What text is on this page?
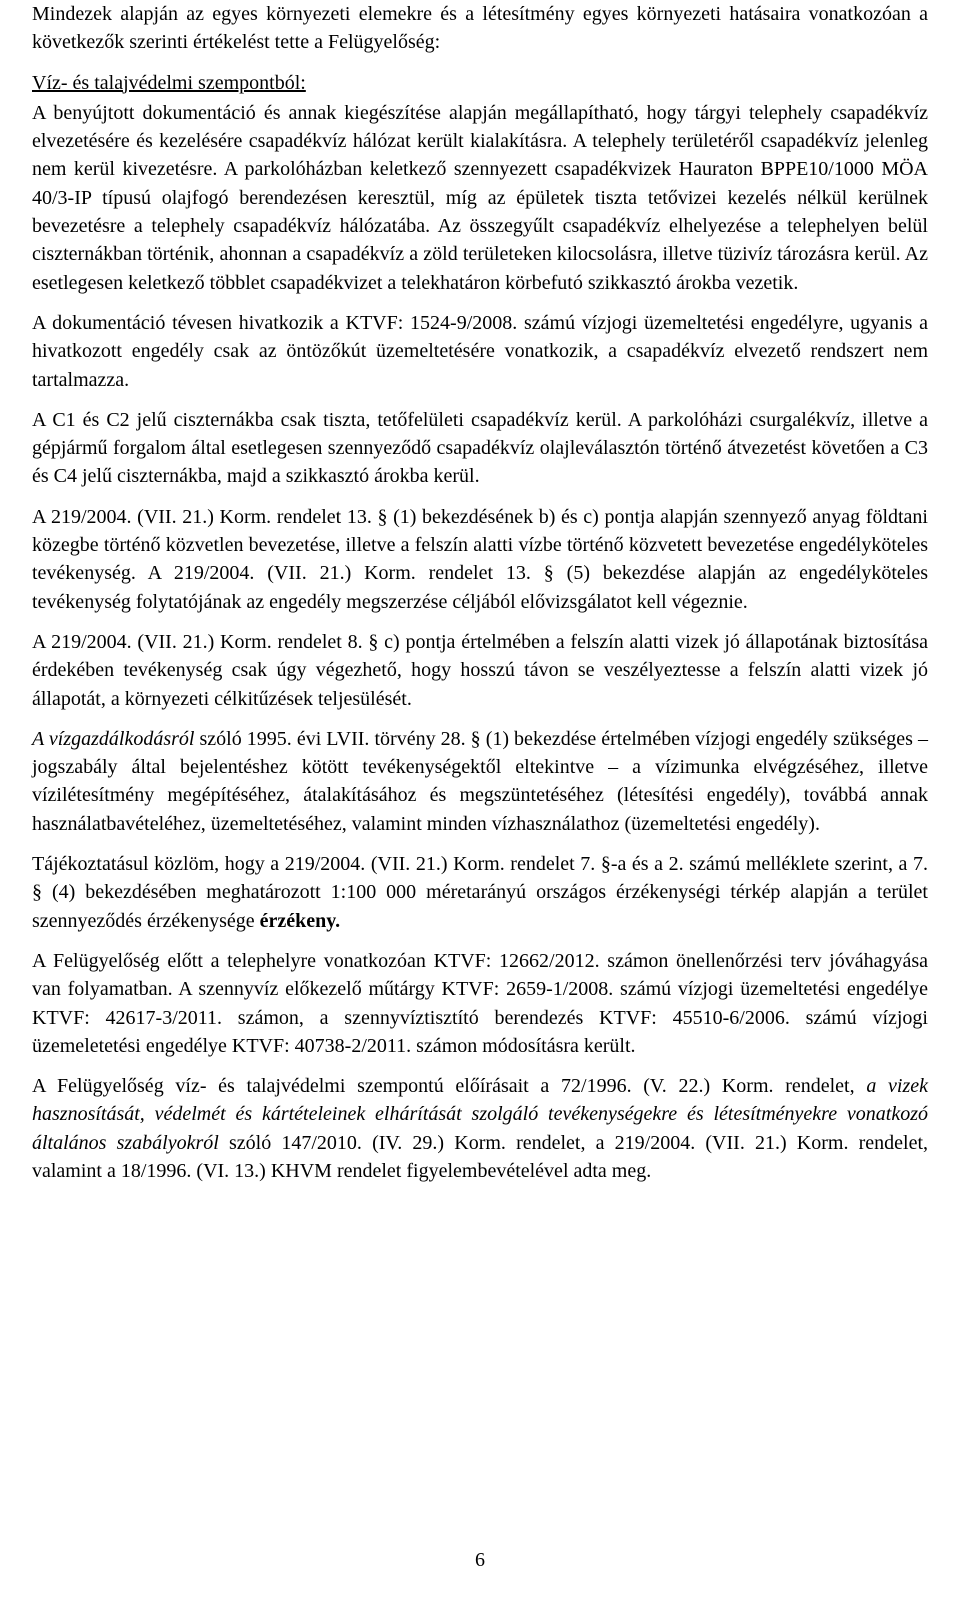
Mindezek alapján az egyes környezeti elemekre és a létesítmény egyes környezeti hatásaira vonatkozóan a következők szerinti értékelést tette a Felügyelőség:
Víz- és talajvédelmi szempontból:
A benyújtott dokumentáció és annak kiegészítése alapján megállapítható, hogy tárgyi telephely csapadékvíz elvezetésére és kezelésére csapadékvíz hálózat került kialakításra. A telephely területéről csapadékvíz jelenleg nem kerül kivezetésre. A parkolóházban keletkező szennyezett csapadékvizek Hauraton BPPE10/1000 MÖA 40/3-IP típusú olajfogó berendezésen keresztül, míg az épületek tiszta tetővizei kezelés nélkül kerülnek bevezetésre a telephely csapadékvíz hálózatába. Az összegyűlt csapadékvíz elhelyezése a telephelyen belül ciszternákban történik, ahonnan a csapadékvíz a zöld területeken kilocsolásra, illetve tüzivíz tározásra kerül. Az esetlegesen keletkező többlet csapadékvizet a telekhatáron körbefutó szikkasztó árokba vezetik.
A dokumentáció tévesen hivatkozik a KTVF: 1524-9/2008. számú vízjogi üzemeltetési engedélyre, ugyanis a hivatkozott engedély csak az öntözőkút üzemeltetésére vonatkozik, a csapadékvíz elvezető rendszert nem tartalmazza.
A C1 és C2 jelű ciszternákba csak tiszta, tetőfelületi csapadékvíz kerül. A parkolóházi csurgalékvíz, illetve a gépjármű forgalom által esetlegesen szennyeződő csapadékvíz olajleválasztón történő átvezetést követően a C3 és C4 jelű ciszternákba, majd a szikkasztó árokba kerül.
A 219/2004. (VII. 21.) Korm. rendelet 13. § (1) bekezdésének b) és c) pontja alapján szennyező anyag földtani közegbe történő közvetlen bevezetése, illetve a felszín alatti vízbe történő közvetett bevezetése engedélyköteles tevékenység. A 219/2004. (VII. 21.) Korm. rendelet 13. § (5) bekezdése alapján az engedélyköteles tevékenység folytatójának az engedély megszerzése céljából elővizsgálatot kell végeznie.
A 219/2004. (VII. 21.) Korm. rendelet 8. § c) pontja értelmében a felszín alatti vizek jó állapotának biztosítása érdekében tevékenység csak úgy végezhető, hogy hosszú távon se veszélyeztesse a felszín alatti vizek jó állapotát, a környezeti célkitűzések teljesülését.
A vízgazdálkodásról szóló 1995. évi LVII. törvény 28. § (1) bekezdése értelmében vízjogi engedély szükséges – jogszabály által bejelentéshez kötött tevékenységektől eltekintve – a vízimunka elvégzéséhez, illetve vízilétesítmény megépítéséhez, átalakításához és megszüntetéséhez (létesítési engedély), továbbá annak használatbavételéhez, üzemeltetéséhez, valamint minden vízhasználathoz (üzemeltetési engedély).
Tájékoztatásul közlöm, hogy a 219/2004. (VII. 21.) Korm. rendelet 7. §-a és a 2. számú melléklete szerint, a 7. § (4) bekezdésében meghatározott 1:100 000 méretarányú országos érzékenységi térkép alapján a terület szennyeződés érzékenysége érzékeny.
A Felügyelőség előtt a telephelyre vonatkozóan KTVF: 12662/2012. számon önellenőrzési terv jóváhagyása van folyamatban. A szennyvíz előkezelő műtárgy KTVF: 2659-1/2008. számú vízjogi üzemeltetési engedélye KTVF: 42617-3/2011. számon, a szennyvíztisztító berendezés KTVF: 45510-6/2006. számú vízjogi üzemeletetési engedélye KTVF: 40738-2/2011. számon módosításra került.
A Felügyelőség víz- és talajvédelmi szempontú előírásait a 72/1996. (V. 22.) Korm. rendelet, a vizek hasznosítását, védelmét és kártételeinek elhárítását szolgáló tevékenységekre és létesítményekre vonatkozó általános szabályokról szóló 147/2010. (IV. 29.) Korm. rendelet, a 219/2004. (VII. 21.) Korm. rendelet, valamint a 18/1996. (VI. 13.) KHVM rendelet figyelembevételével adta meg.
6
